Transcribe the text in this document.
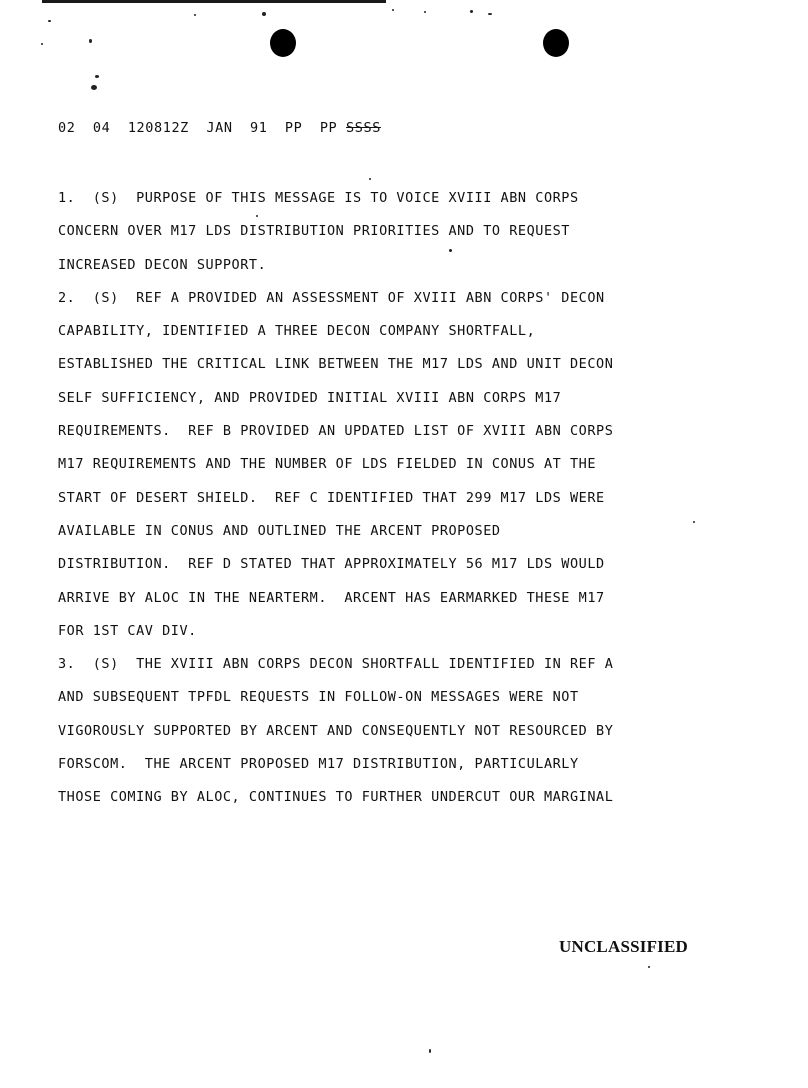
02  04  120812Z  JAN  91  PP  PP SSSS
1.  (S)  PURPOSE OF THIS MESSAGE IS TO VOICE XVIII ABN CORPS
CONCERN OVER M17 LDS DISTRIBUTION PRIORITIES AND TO REQUEST
INCREASED DECON SUPPORT.
2.  (S)  REF A PROVIDED AN ASSESSMENT OF XVIII ABN CORPS' DECON
CAPABILITY, IDENTIFIED A THREE DECON COMPANY SHORTFALL,
ESTABLISHED THE CRITICAL LINK BETWEEN THE M17 LDS AND UNIT DECON
SELF SUFFICIENCY, AND PROVIDED INITIAL XVIII ABN CORPS M17
REQUIREMENTS.  REF B PROVIDED AN UPDATED LIST OF XVIII ABN CORPS
M17 REQUIREMENTS AND THE NUMBER OF LDS FIELDED IN CONUS AT THE
START OF DESERT SHIELD.  REF C IDENTIFIED THAT 299 M17 LDS WERE
AVAILABLE IN CONUS AND OUTLINED THE ARCENT PROPOSED
DISTRIBUTION.  REF D STATED THAT APPROXIMATELY 56 M17 LDS WOULD
ARRIVE BY ALOC IN THE NEARTERM.  ARCENT HAS EARMARKED THESE M17
FOR 1ST CAV DIV.
3.  (S)  THE XVIII ABN CORPS DECON SHORTFALL IDENTIFIED IN REF A
AND SUBSEQUENT TPFDL REQUESTS IN FOLLOW-ON MESSAGES WERE NOT
VIGOROUSLY SUPPORTED BY ARCENT AND CONSEQUENTLY NOT RESOURCED BY
FORSCOM.  THE ARCENT PROPOSED M17 DISTRIBUTION, PARTICULARLY
THOSE COMING BY ALOC, CONTINUES TO FURTHER UNDERCUT OUR MARGINAL
UNCLASSIFIED
